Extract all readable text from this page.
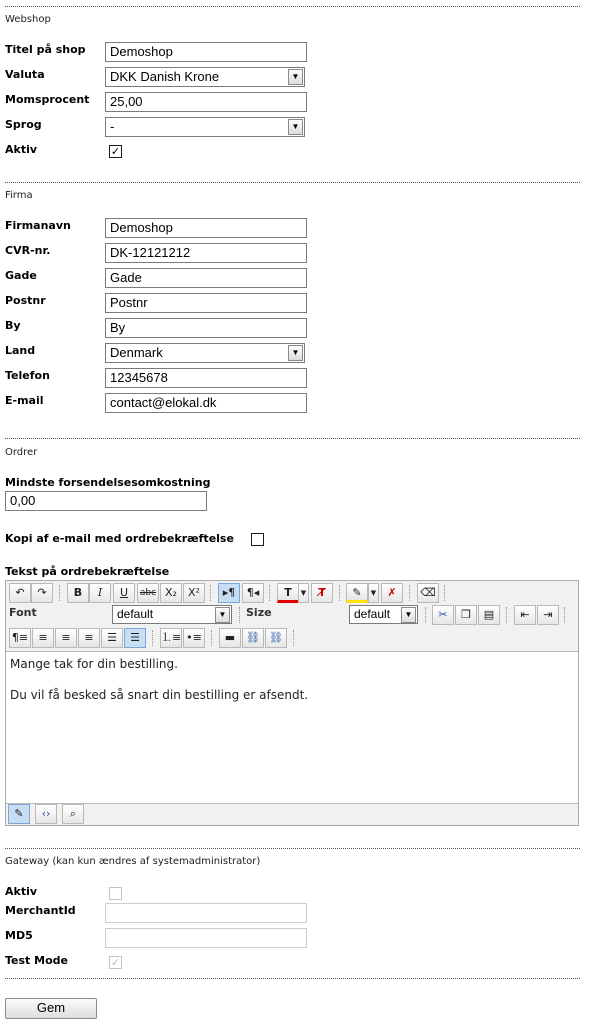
Webshop
Titel på shop	Demoshop
Valuta	DKK Danish Krone	▼
Momsprocent	25,00
Sprog	-	▼
Aktiv	✓
Firma
Firmanavn	Demoshop
CVR-nr.	DK-12121212
Gade	Gade
Postnr	Postnr
By	By
Land	Denmark	▼
Telefon	12345678
E-mail	contact@elokal.dk
Ordrer
Mindste forsendelsesomkostning
0,00
Kopi af e-mail med ordrebekræftelse
Tekst på ordrebekræftelse
↶	↷	B	I	U	abc X₂	X²	▸¶	¶◂	T	▼	T̸	✎	▼	✗	⌫
Font	default	▼	Size	default	▼	✂	❐	▤	⇤	⇥
¶≡ ≡	≡	≡	☰	☰	⒈≡ •≡	▬ ⛓ ⛓

Mange tak for din bestilling.

Du vil få besked så snart din bestilling er afsendt.

✎	‹›	⌕
Gateway (kan kun ændres af systemadministrator)
Aktiv
MerchantId
MD5
Test Mode	✓
Gem
